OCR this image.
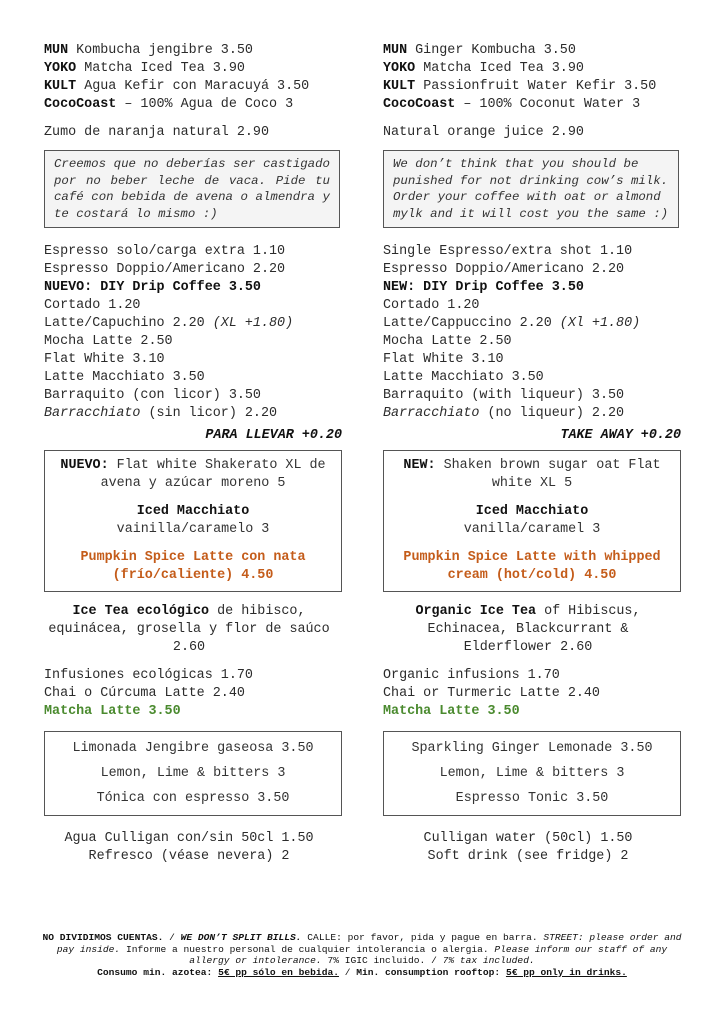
MUN Kombucha jengibre 3.50
YOKO Matcha Iced Tea 3.90
KULT Agua Kefir con Maracuyá 3.50
CocoCoast – 100% Agua de Coco 3
Zumo de naranja natural 2.90
Creemos que no deberías ser castigado por no beber leche de vaca. Pide tu café con bebida de avena o almendra y te costará lo mismo :)
Espresso solo/carga extra 1.10
Espresso Doppio/Americano 2.20
NUEVO: DIY Drip Coffee 3.50
Cortado 1.20
Latte/Capuchino 2.20 (XL +1.80)
Mocha Latte 2.50
Flat White 3.10
Latte Macchiato 3.50
Barraquito (con licor) 3.50
Barracchiato (sin licor) 2.20
PARA LLEVAR +0.20
NUEVO: Flat white Shakerato XL de avena y azúcar moreno 5
Iced Macchiato
vainilla/caramelo 3
Pumpkin Spice Latte con nata (frío/caliente) 4.50
Ice Tea ecológico de hibisco, equinácea, grosella y flor de saúco 2.60
Infusiones ecológicas 1.70
Chai o Cúrcuma Latte 2.40
Matcha Latte 3.50
Limonada Jengibre gaseosa 3.50
Lemon, Lime & bitters 3
Tónica con espresso 3.50
Agua Culligan con/sin 50cl 1.50
Refresco (véase nevera) 2
MUN Ginger Kombucha 3.50
YOKO Matcha Iced Tea 3.90
KULT Passionfruit Water Kefir 3.50
CocoCoast – 100% Coconut Water 3
Natural orange juice 2.90
We don’t think that you should be punished for not drinking cow’s milk. Order your coffee with oat or almond mylk and it will cost you the same :)
Single Espresso/extra shot 1.10
Espresso Doppio/Americano 2.20
NEW: DIY Drip Coffee 3.50
Cortado 1.20
Latte/Cappuccino 2.20 (Xl +1.80)
Mocha Latte 2.50
Flat White 3.10
Latte Macchiato 3.50
Barraquito (with liqueur) 3.50
Barracchiato (no liqueur) 2.20
TAKE AWAY +0.20
NEW: Shaken brown sugar oat Flat white XL 5
Iced Macchiato
vanilla/caramel 3
Pumpkin Spice Latte with whipped cream (hot/cold) 4.50
Organic Ice Tea of Hibiscus, Echinacea, Blackcurrant & Elderflower 2.60
Organic infusions 1.70
Chai or Turmeric Latte 2.40
Matcha Latte 3.50
Sparkling Ginger Lemonade 3.50
Lemon, Lime & bitters 3
Espresso Tonic 3.50
Culligan water (50cl) 1.50
Soft drink (see fridge) 2
NO DIVIDIMOS CUENTAS. / WE DON’T SPLIT BILLS. CALLE: por favor, pida y pague en barra. STREET: please order and pay inside. Informe a nuestro personal de cualquier intolerancia o alergia. Please inform our staff of any allergy or intolerance. 7% IGIC incluido. / 7% tax included.
Consumo min. azotea: 5€ pp sólo en bebida. / Min. consumption rooftop: 5€ pp only in drinks.
